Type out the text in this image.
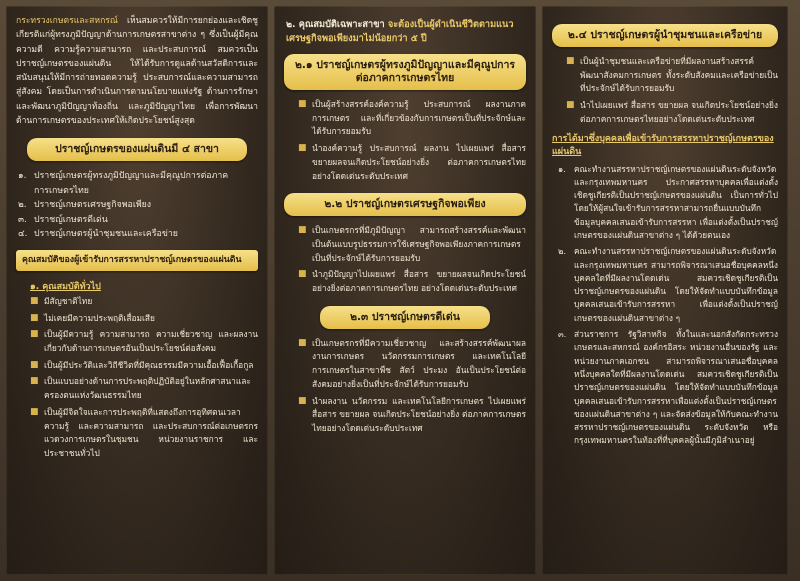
กระทรวงเกษตรและสหกรณ์ เห็นสมควรให้มีการยกย่องและเชิดชูเกียรติแก่ผู้ทรงภูมิปัญญาด้านการเกษตรสาขาต่าง ๆ ซึ่งเป็นผู้มีคุณความดี ความรู้ความสามารถ และประสบการณ์ สมควรเป็นปราชญ์เกษตรของแผ่นดิน ให้ได้รับการดูแลด้านสวัสดิการและสนับสนุนให้มีการถ่ายทอดความรู้ ประสบการณ์และความสามารถสู่สังคม โดยเป็นการดำเนินการตามนโยบายแห่งรัฐ ด้านการรักษาและพัฒนาภูมิปัญญาท้องถิ่น และภูมิปัญญาไทย เพื่อการพัฒนาด้านการเกษตรของประเทศให้เกิดประโยชน์สูงสุด

ปราชญ์เกษตรของแผ่นดินมี ๔ สาขา
๑. ปราชญ์เกษตรผู้ทรงภูมิปัญญาและมีคุณูปการต่อภาคการเกษตรไทย
๒. ปราชญ์เกษตรเศรษฐกิจพอเพียง
๓. ปราชญ์เกษตรดีเด่น
๔. ปราชญ์เกษตรผู้นำชุมชนและเครือข่าย
คุณสมบัติของผู้เข้ารับการสรรหาปราชญ์เกษตรของแผ่นดิน
๑. คุณสมบัติทั่วไป
■ มีสัญชาติไทย
■ ไม่เคยมีความประพฤติเสื่อมเสีย
■ เป็นผู้มีความรู้ ความสามารถ ความเชี่ยวชาญ และผลงานเกี่ยวกับด้านการเกษตรอันเป็นประโยชน์ต่อสังคม
■ เป็นผู้มีประวัติและวิถีชีวิตที่มีคุณธรรมมีความเอื้อเฟื้อเกื้อกูล
■ เป็นแบบอย่างด้านการประพฤติปฏิบัติอยู่ในหลักศาสนาและครองตนแห่งวัฒนธรรมไทย
■ เป็นผู้มีจิตใจและการประพฤติที่แสดงถึงการอุทิศตนเวลา ความรู้ และความสามารถ และประสบการณ์ต่อเกษตรกร แวดวงการเกษตรในชุมชน หน่วยงานราชการ และประชาชนทั่วไป

๒. คุณสมบัติเฉพาะสาขา จะต้องเป็นผู้ดำเนินชีวิตตามแนวเศรษฐกิจพอเพียงมาไม่น้อยกว่า ๕ ปี

๒.๑ ปราชญ์เกษตรผู้ทรงภูมิปัญญาและมีคุณูปการต่อภาคการเกษตรไทย
■ เป็นผู้สร้างสรรค์องค์ความรู้ ประสบการณ์ ผลงานภาคการเกษตร และที่เกี่ยวข้องกับการเกษตรเป็นที่ประจักษ์และได้รับการยอมรับ
■ นำองค์ความรู้ ประสบการณ์ ผลงาน ไปเผยแพร่ สื่อสาร ขยายผลจนเกิดประโยชน์อย่างยิ่ง ต่อภาคการเกษตรไทยอย่างโดดเด่นระดับประเทศ
๒.๒ ปราชญ์เกษตรเศรษฐกิจพอเพียง
■ เป็นเกษตรกรที่มีภูมิปัญญา สามารถสร้างสรรค์และพัฒนาเป็นต้นแบบรูปธรรมการใช้เศรษฐกิจพอเพียงภาคการเกษตรเป็นที่ประจักษ์ได้รับการยอมรับ
■ นำภูมิปัญญาไปเผยแพร่ สื่อสาร ขยายผลจนเกิดประโยชน์อย่างยิ่งต่อภาคการเกษตรไทย อย่างโดดเด่นระดับประเทศ
๒.๓ ปราชญ์เกษตรดีเด่น
■ เป็นเกษตรกรที่มีความเชี่ยวชาญ และสร้างสรรค์พัฒนาผลงานการเกษตร นวัตกรรมการเกษตร และเทคโนโลยีการเกษตรในสาขาพืช สัตว์ ประมง อันเป็นประโยชน์ต่อสังคมอย่างยิ่งเป็นที่ประจักษ์ได้รับการยอมรับ
■ นำผลงาน นวัตกรรม และเทคโนโลยีการเกษตร ไปเผยแพร่ สื่อสาร ขยายผล จนเกิดประโยชน์อย่างยิ่ง ต่อภาคการเกษตรไทยอย่างโดดเด่นระดับประเทศ
๒.๔ ปราชญ์เกษตรผู้นำชุมชนและเครือข่าย
■ เป็นผู้นำชุมชนและเครือข่ายที่มีผลงานสร้างสรรค์ พัฒนาสังคมการเกษตร ทั้งระดับสังคมและเครือข่ายเป็นที่ประจักษ์ได้รับการยอมรับ
■ นำไปเผยแพร่ สื่อสาร ขยายผล จนเกิดประโยชน์อย่างยิ่งต่อภาคการเกษตรไทยอย่างโดดเด่นระดับประเทศ
การได้มาซึ่งบุคคลเพื่อเข้ารับการสรรหาปราชญ์เกษตรของแผ่นดิน
๑. คณะทำงานสรรหาปราชญ์เกษตรของแผ่นดินระดับจังหวัดและกรุงเทพมหานคร ประกาศสรรหาบุคคลเพื่อแต่งตั้งเชิดชูเกียรติเป็นปราชญ์เกษตรของแผ่นดิน เป็นการทั่วไป โดยให้ผู้สนใจเข้ารับการสรรหาสามารถยื่นแบบบันทึกข้อมูลบุคคลเสนอเข้ารับการสรรหา เพื่อแต่งตั้งเป็นปราชญ์เกษตรของแผ่นดินสาขาต่าง ๆ ได้ด้วยตนเอง
๒. คณะทำงานสรรหาปราชญ์เกษตรของแผ่นดินระดับจังหวัดและกรุงเทพมหานคร สามารถพิจารณาเสนอชื่อบุคคลหนึ่งบุคคลใดที่มีผลงานโดดเด่น สมควรเชิดชูเกียรติเป็นปราชญ์เกษตรของแผ่นดิน โดยให้จัดทำแบบบันทึกข้อมูลบุคคลเสนอเข้ารับการสรรหา เพื่อแต่งตั้งเป็นปราชญ์เกษตรของแผ่นดินสาขาต่าง ๆ
๓. ส่วนราชการ รัฐวิสาหกิจ ทั้งในและนอกสังกัดกระทรวงเกษตรและสหกรณ์ องค์กรอิสระ หน่วยงานอื่นของรัฐ และหน่วยงานภาคเอกชน สามารถพิจารณาเสนอชื่อบุคคลหนึ่งบุคคลใดที่มีผลงานโดดเด่น สมควรเชิดชูเกียรติเป็นปราชญ์เกษตรของแผ่นดิน โดยให้จัดทำแบบบันทึกข้อมูลบุคคลเสนอเข้ารับการสรรหาเพื่อแต่งตั้งเป็นปราชญ์เกษตรของแผ่นดินสาขาต่าง ๆ และจัดส่งข้อมูลให้กับคณะทำงานสรรหาปราชญ์เกษตรของแผ่นดิน ระดับจังหวัด หรือกรุงเทพมหานครในท้องที่ที่บุคคลผู้นั้นมีภูมิลำเนาอยู่
